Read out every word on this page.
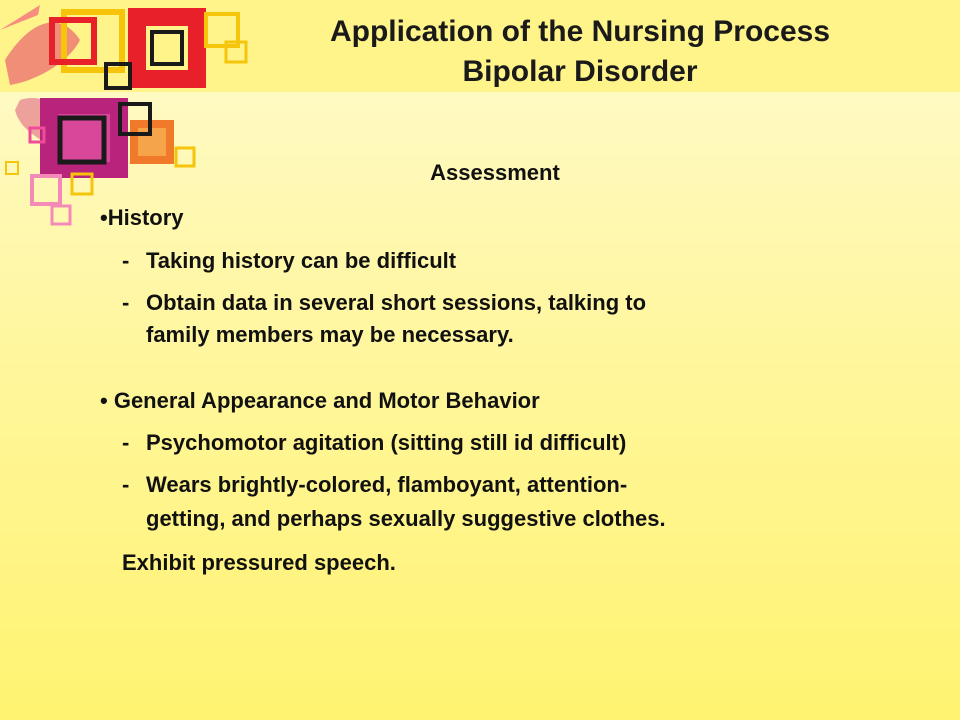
Application of the Nursing Process
Bipolar Disorder
Assessment
•History
- Taking history can be difficult
- Obtain data in several short sessions, talking to
family members may be necessary.
• General Appearance and Motor Behavior
- Psychomotor agitation (sitting still id difficult)
- Wears brightly-colored, flamboyant, attention-
getting, and perhaps sexually suggestive clothes.
Exhibit pressured speech.
